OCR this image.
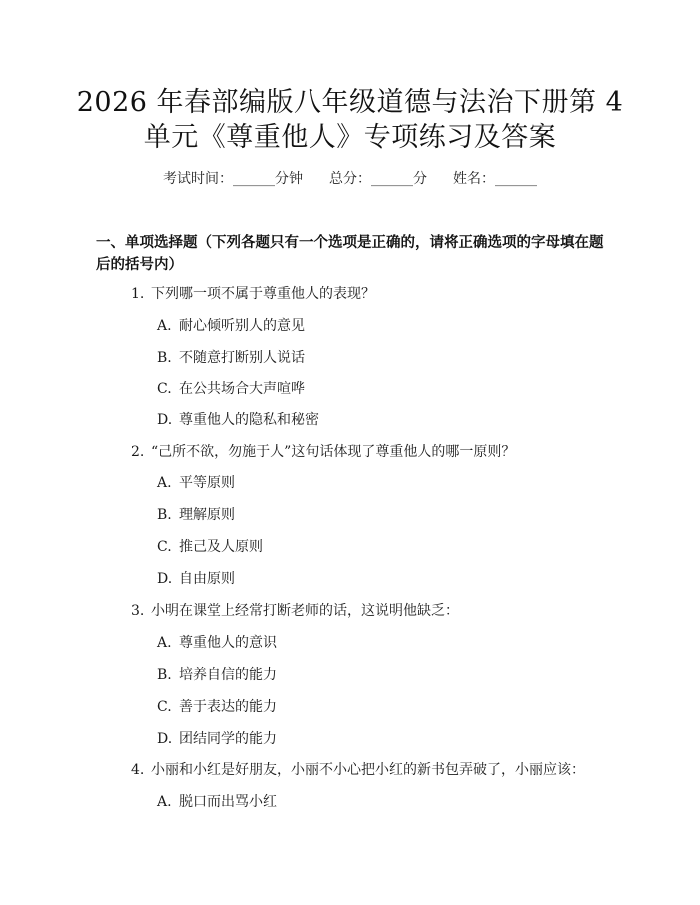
2026 年春部编版八年级道德与法治下册第 4
单元《尊重他人》专项练习及答案
考试时间：______分钟 总分：______分 姓名：______
一、单项选择题（下列各题只有一个选项是正确的，请将正确选项的字母填在题后的括号内）
1. 下列哪一项不属于尊重他人的表现？
A. 耐心倾听别人的意见
B. 不随意打断别人说话
C. 在公共场合大声喧哗
D. 尊重他人的隐私和秘密
2. “己所不欲，勿施于人”这句话体现了尊重他人的哪一原则？
A. 平等原则
B. 理解原则
C. 推己及人原则
D. 自由原则
3. 小明在课堂上经常打断老师的话，这说明他缺乏：
A. 尊重他人的意识
B. 培养自信的能力
C. 善于表达的能力
D. 团结同学的能力
4. 小丽和小红是好朋友，小丽不小心把小红的新书包弄破了，小丽应该：
A. 脱口而出骂小红
